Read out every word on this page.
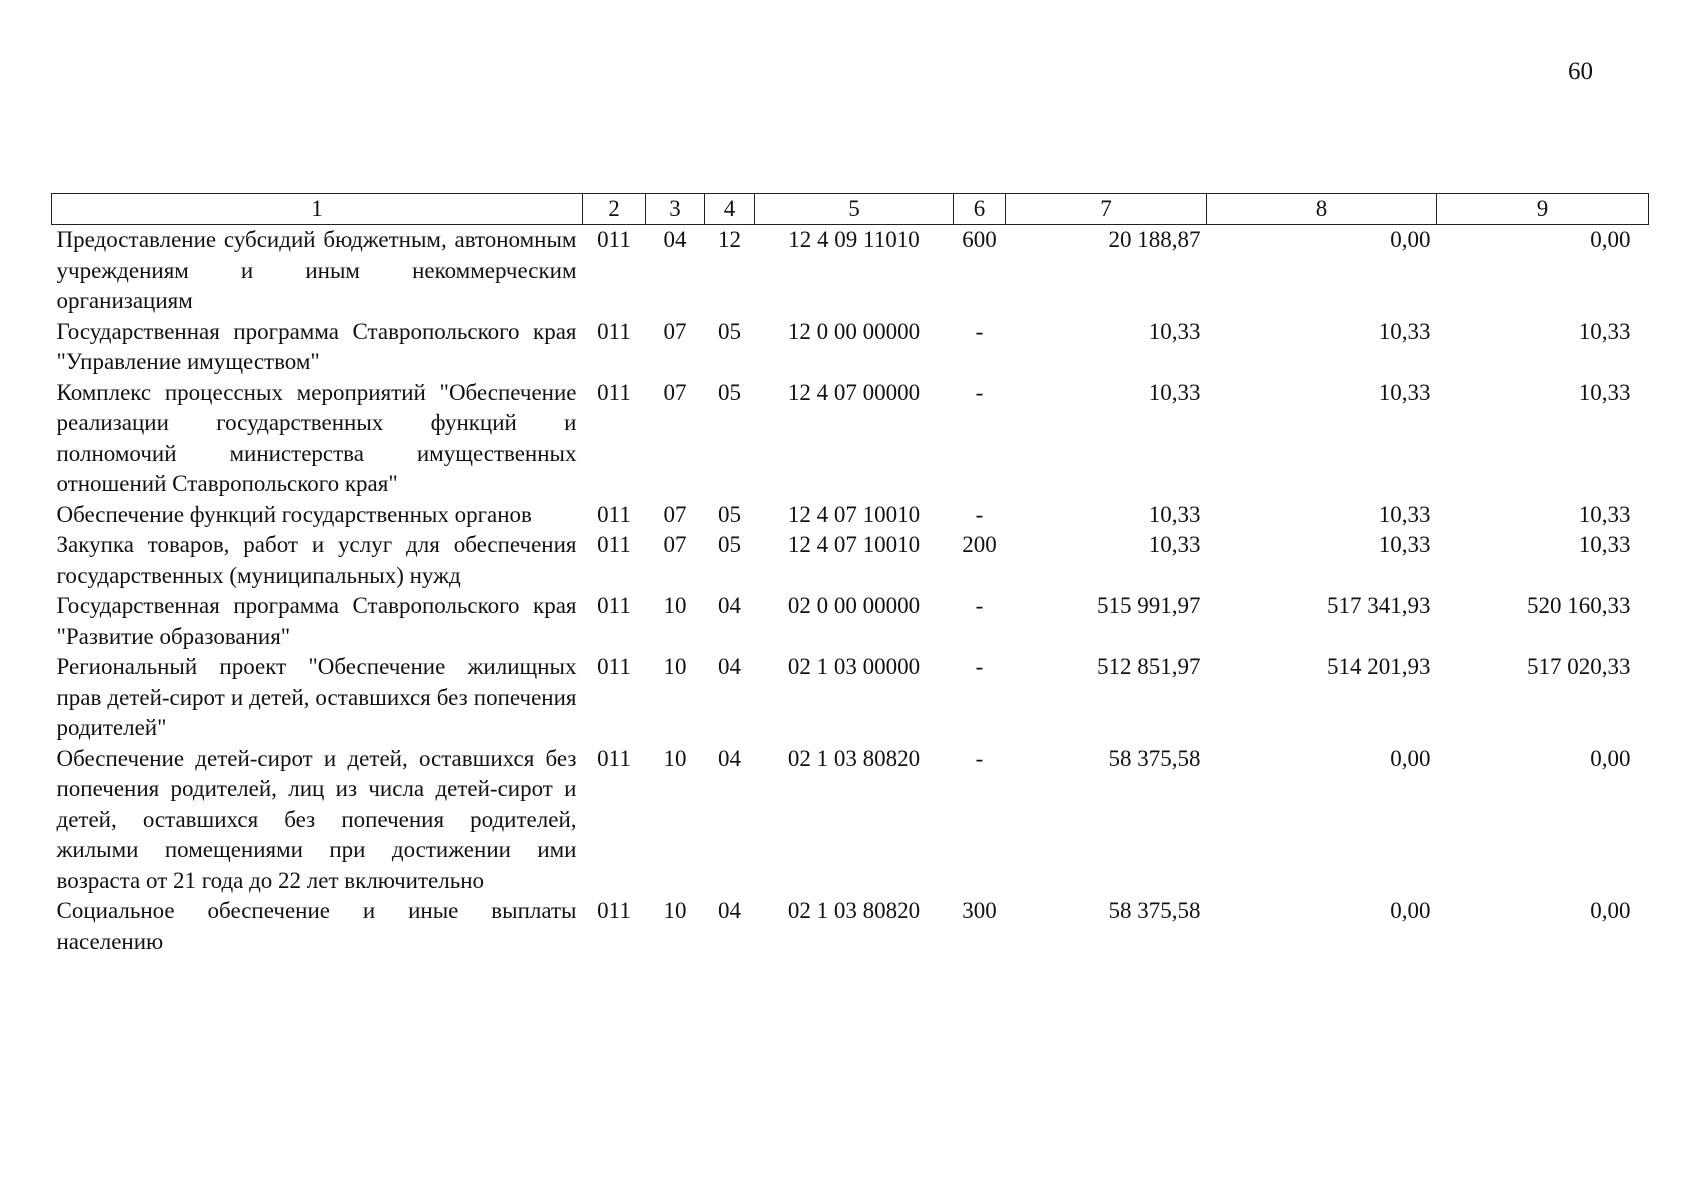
60
1	2	3	4	5	6	7	8	9
Предоставление субсидий бюджетным, автономным учреждениям и иным некоммерческим организациям	011	04	12	12 4 09 11010	600	20 188,87	0,00	0,00
Государственная программа Ставропольского края "Управление имуществом"	011	07	05	12 0 00 00000	-	10,33	10,33	10,33
Комплекс процессных мероприятий "Обеспечение реализации государственных функций и полномочий министерства имущественных отношений Ставропольского края"	011	07	05	12 4 07 00000	-	10,33	10,33	10,33
Обеспечение функций государственных органов	011	07	05	12 4 07 10010	-	10,33	10,33	10,33
Закупка товаров, работ и услуг для обеспечения государственных (муниципальных) нужд	011	07	05	12 4 07 10010	200	10,33	10,33	10,33
Государственная программа Ставропольского края "Развитие образования"	011	10	04	02 0 00 00000	-	515 991,97	517 341,93	520 160,33
Региональный проект "Обеспечение жилищных прав детей-сирот и детей, оставшихся без попечения родителей"	011	10	04	02 1 03 00000	-	512 851,97	514 201,93	517 020,33
Обеспечение детей-сирот и детей, оставшихся без попечения родителей, лиц из числа детей-сирот и детей, оставшихся без попечения родителей, жилыми помещениями при достижении ими возраста от 21 года до 22 лет включительно	011	10	04	02 1 03 80820	-	58 375,58	0,00	0,00
Социальное обеспечение и иные выплаты населению	011	10	04	02 1 03 80820	300	58 375,58	0,00	0,00
